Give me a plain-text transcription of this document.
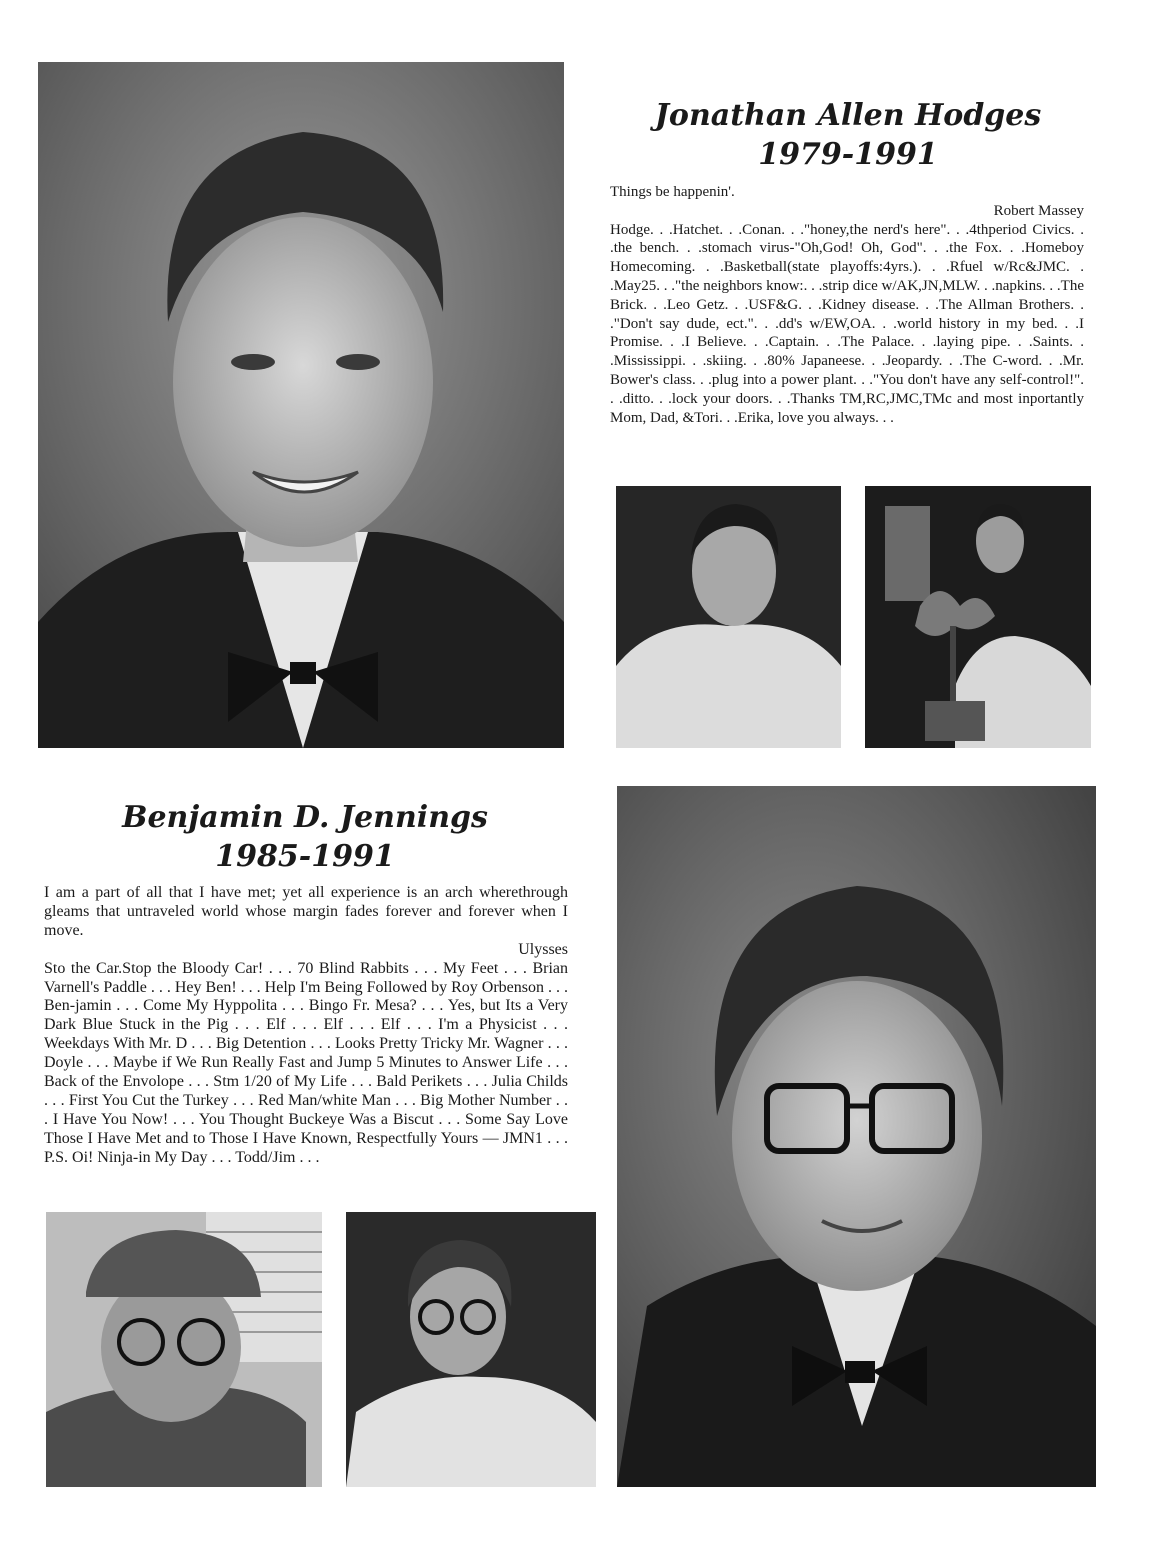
Jonathan Allen Hodges
1979-1991

Things be happenin'.

Robert Massey

Hodge. . .Hatchet. . .Conan. . ."honey,the nerd's here". . .4thperiod Civics. . .the bench. . .stomach virus-"Oh,God! Oh, God". . .the Fox. . .Homeboy Homecoming. . .Basketball(state playoffs:4yrs.). . .Rfuel w/Rc&JMC. . .May25. . ."the neighbors know:. . .strip dice w/AK,JN,MLW. . .napkins. . .The Brick. . .Leo Getz. . .USF&G. . .Kidney disease. . .The Allman Brothers. . ."Don't say dude, ect.". . .dd's w/EW,OA. . .world history in my bed. . .I Promise. . .I Believe. . .Captain. . .The Palace. . .laying pipe. . .Saints. . .Mississippi. . .skiing. . .80% Japaneese. . .Jeopardy. . .The C-word. . .Mr. Bower's class. . .plug into a power plant. . ."You don't have any self-control!". . .ditto. . .lock your doors. . .Thanks TM,RC,JMC,TMc and most inportantly Mom, Dad, &Tori. . .Erika, love you always. . .

Benjamin D. Jennings
1985-1991

I am a part of all that I have met; yet all experience is an arch wherethrough gleams that untraveled world whose margin fades forever and forever when I move.

Ulysses

Sto the Car.Stop the Bloody Car! . . . 70 Blind Rabbits . . . My Feet . . . Brian Varnell's Paddle . . . Hey Ben! . . . Help I'm Being Followed by Roy Orbenson . . . Ben-jamin . . . Come My Hyppolita . . . Bingo Fr. Mesa? . . . Yes, but Its a Very Dark Blue Stuck in the Pig . . . Elf . . . Elf . . . Elf . . . I'm a Physicist . . . Weekdays With Mr. D . . . Big Detention . . . Looks Pretty Tricky Mr. Wagner . . . Doyle . . . Maybe if We Run Really Fast and Jump 5 Minutes to Answer Life . . . Back of the Envolope . . . Stm 1/20 of My Life . . . Bald Perikets . . . Julia Childs . . . First You Cut the Turkey . . . Red Man/white Man . . . Big Mother Number . . . I Have You Now! . . . You Thought Buckeye Was a Biscut . . . Some Say Love Those I Have Met and to Those I Have Known, Respectfully Yours — JMN1 . . . P.S. Oi! Ninja-in My Day . . . Todd/Jim . . .
